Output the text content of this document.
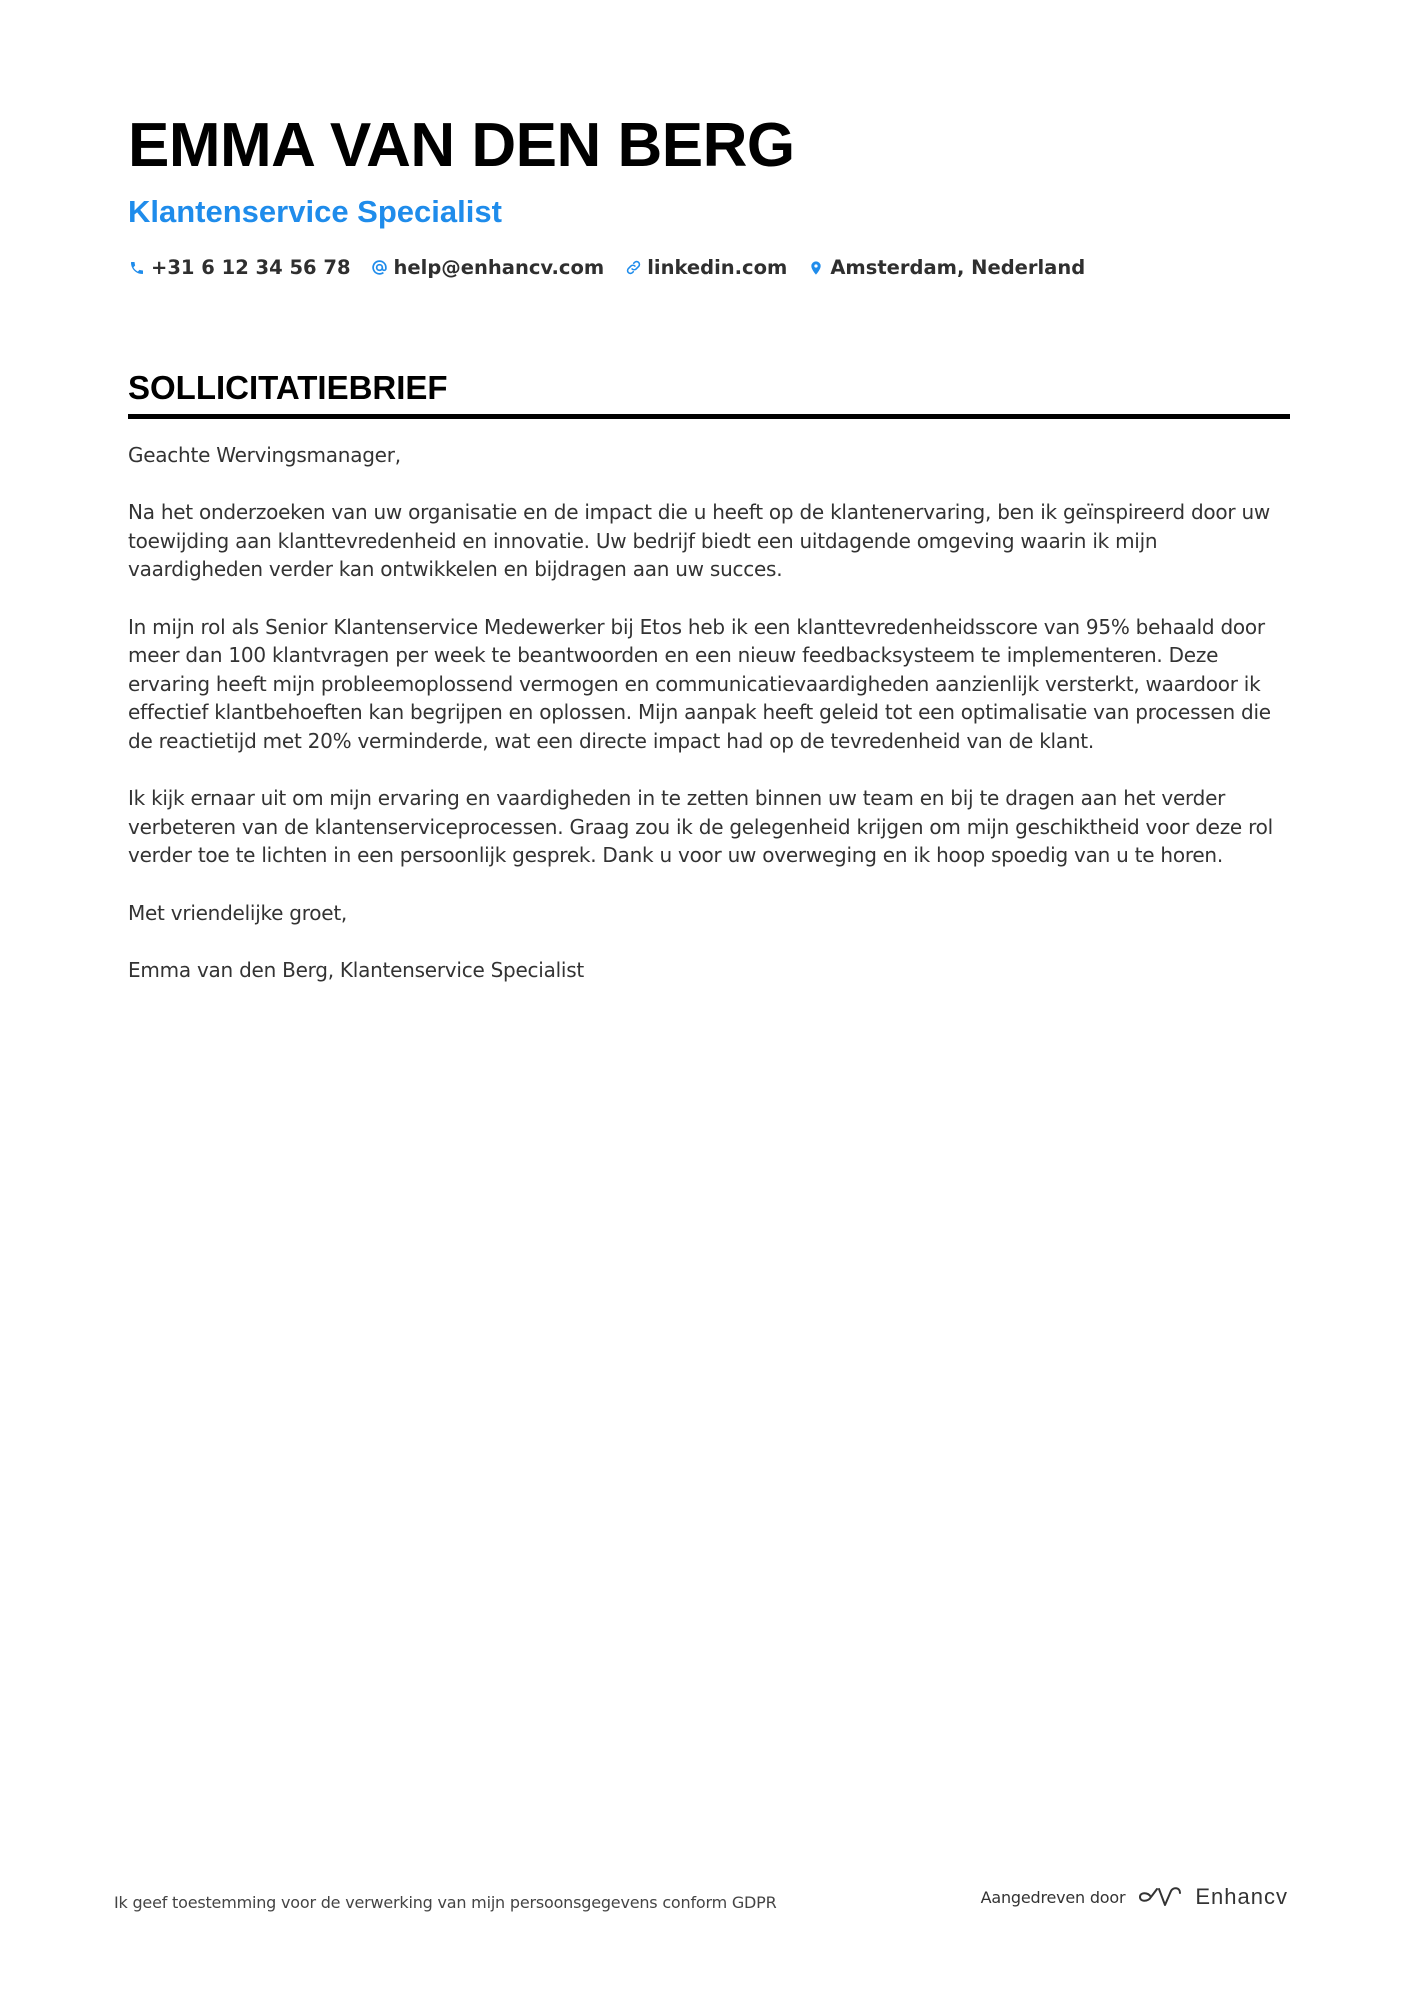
EMMA VAN DEN BERG
Klantenservice Specialist
+31 6 12 34 56 78 help@enhancv.com linkedin.com Amsterdam, Nederland
SOLLICITATIEBRIEF

Geachte Wervingsmanager,

Na het onderzoeken van uw organisatie en de impact die u heeft op de klantenervaring, ben ik geïnspireerd door uw toewijding aan klanttevredenheid en innovatie. Uw bedrijf biedt een uitdagende omgeving waarin ik mijn vaardigheden verder kan ontwikkelen en bijdragen aan uw succes.

In mijn rol als Senior Klantenservice Medewerker bij Etos heb ik een klanttevredenheidsscore van 95% behaald door meer dan 100 klantvragen per week te beantwoorden en een nieuw feedbacksysteem te implementeren. Deze ervaring heeft mijn probleemoplossend vermogen en communicatievaardigheden aanzienlijk versterkt, waardoor ik effectief klantbehoeften kan begrijpen en oplossen. Mijn aanpak heeft geleid tot een optimalisatie van processen die de reactietijd met 20% verminderde, wat een directe impact had op de tevredenheid van de klant.

Ik kijk ernaar uit om mijn ervaring en vaardigheden in te zetten binnen uw team en bij te dragen aan het verder verbeteren van de klantenserviceprocessen. Graag zou ik de gelegenheid krijgen om mijn geschiktheid voor deze rol verder toe te lichten in een persoonlijk gesprek. Dank u voor uw overweging en ik hoop spoedig van u te horen.

Met vriendelijke groet,

Emma van den Berg, Klantenservice Specialist

Ik geef toestemming voor de verwerking van mijn persoonsgegevens conform GDPR	Aangedreven door	Enhancv
